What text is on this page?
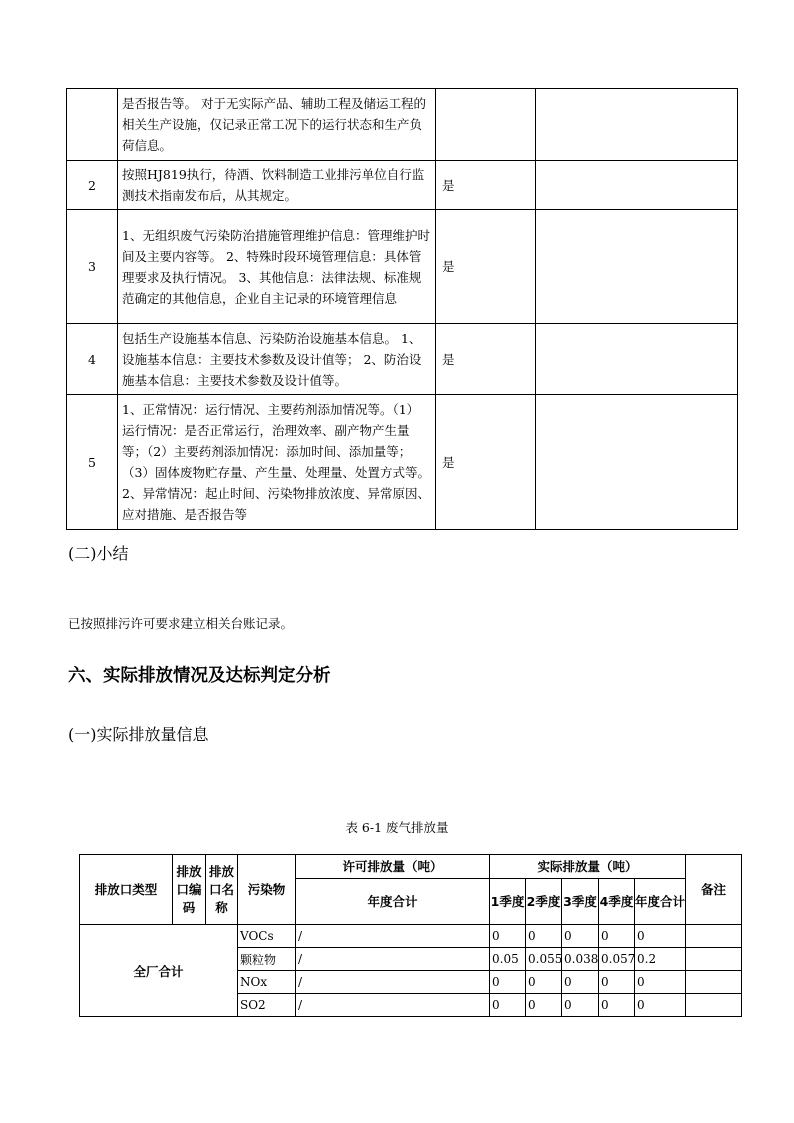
	是否报告等。 对于无实际产品、辅助工程及储运工程的相关生产设施，仅记录正常工况下的运行状态和生产负荷信息。		
2	按照HJ819执行，待酒、饮料制造工业排污单位自行监测技术指南发布后，从其规定。	是	
3	1、无组织废气污染防治措施管理维护信息：管理维护时间及主要内容等。 2、特殊时段环境管理信息：具体管理要求及执行情况。 3、其他信息：法律法规、标准规范确定的其他信息，企业自主记录的环境管理信息	是	
4	包括生产设施基本信息、污染防治设施基本信息。 1、设施基本信息：主要技术参数及设计值等； 2、防治设施基本信息：主要技术参数及设计值等。	是	
5	1、正常情况：运行情况、主要药剂添加情况等。（1）运行情况：是否正常运行，治理效率、副产物产生量等；（2）主要药剂添加情况：添加时间、添加量等；（3）固体废物贮存量、产生量、处理量、处置方式等。 2、异常情况：起止时间、污染物排放浓度、异常原因、应对措施、是否报告等	是	
(二)小结
已按照排污许可要求建立相关台账记录。
六、实际排放情况及达标判定分析
(一)实际排放量信息
表 6-1 废气排放量
排放口类型	排放口编码	排放口名称	污染物	许可排放量（吨）	实际排放量（吨）					备注
				年度合计	1季度	2季度	3季度	4季度	年度合计	
全厂合计			VOCs	/	0	0	0	0	0	
			颗粒物	/	0.05	0.055	0.038	0.057	0.2	
			NOx	/	0	0	0	0	0	
			SO2	/	0	0	0	0	0	
